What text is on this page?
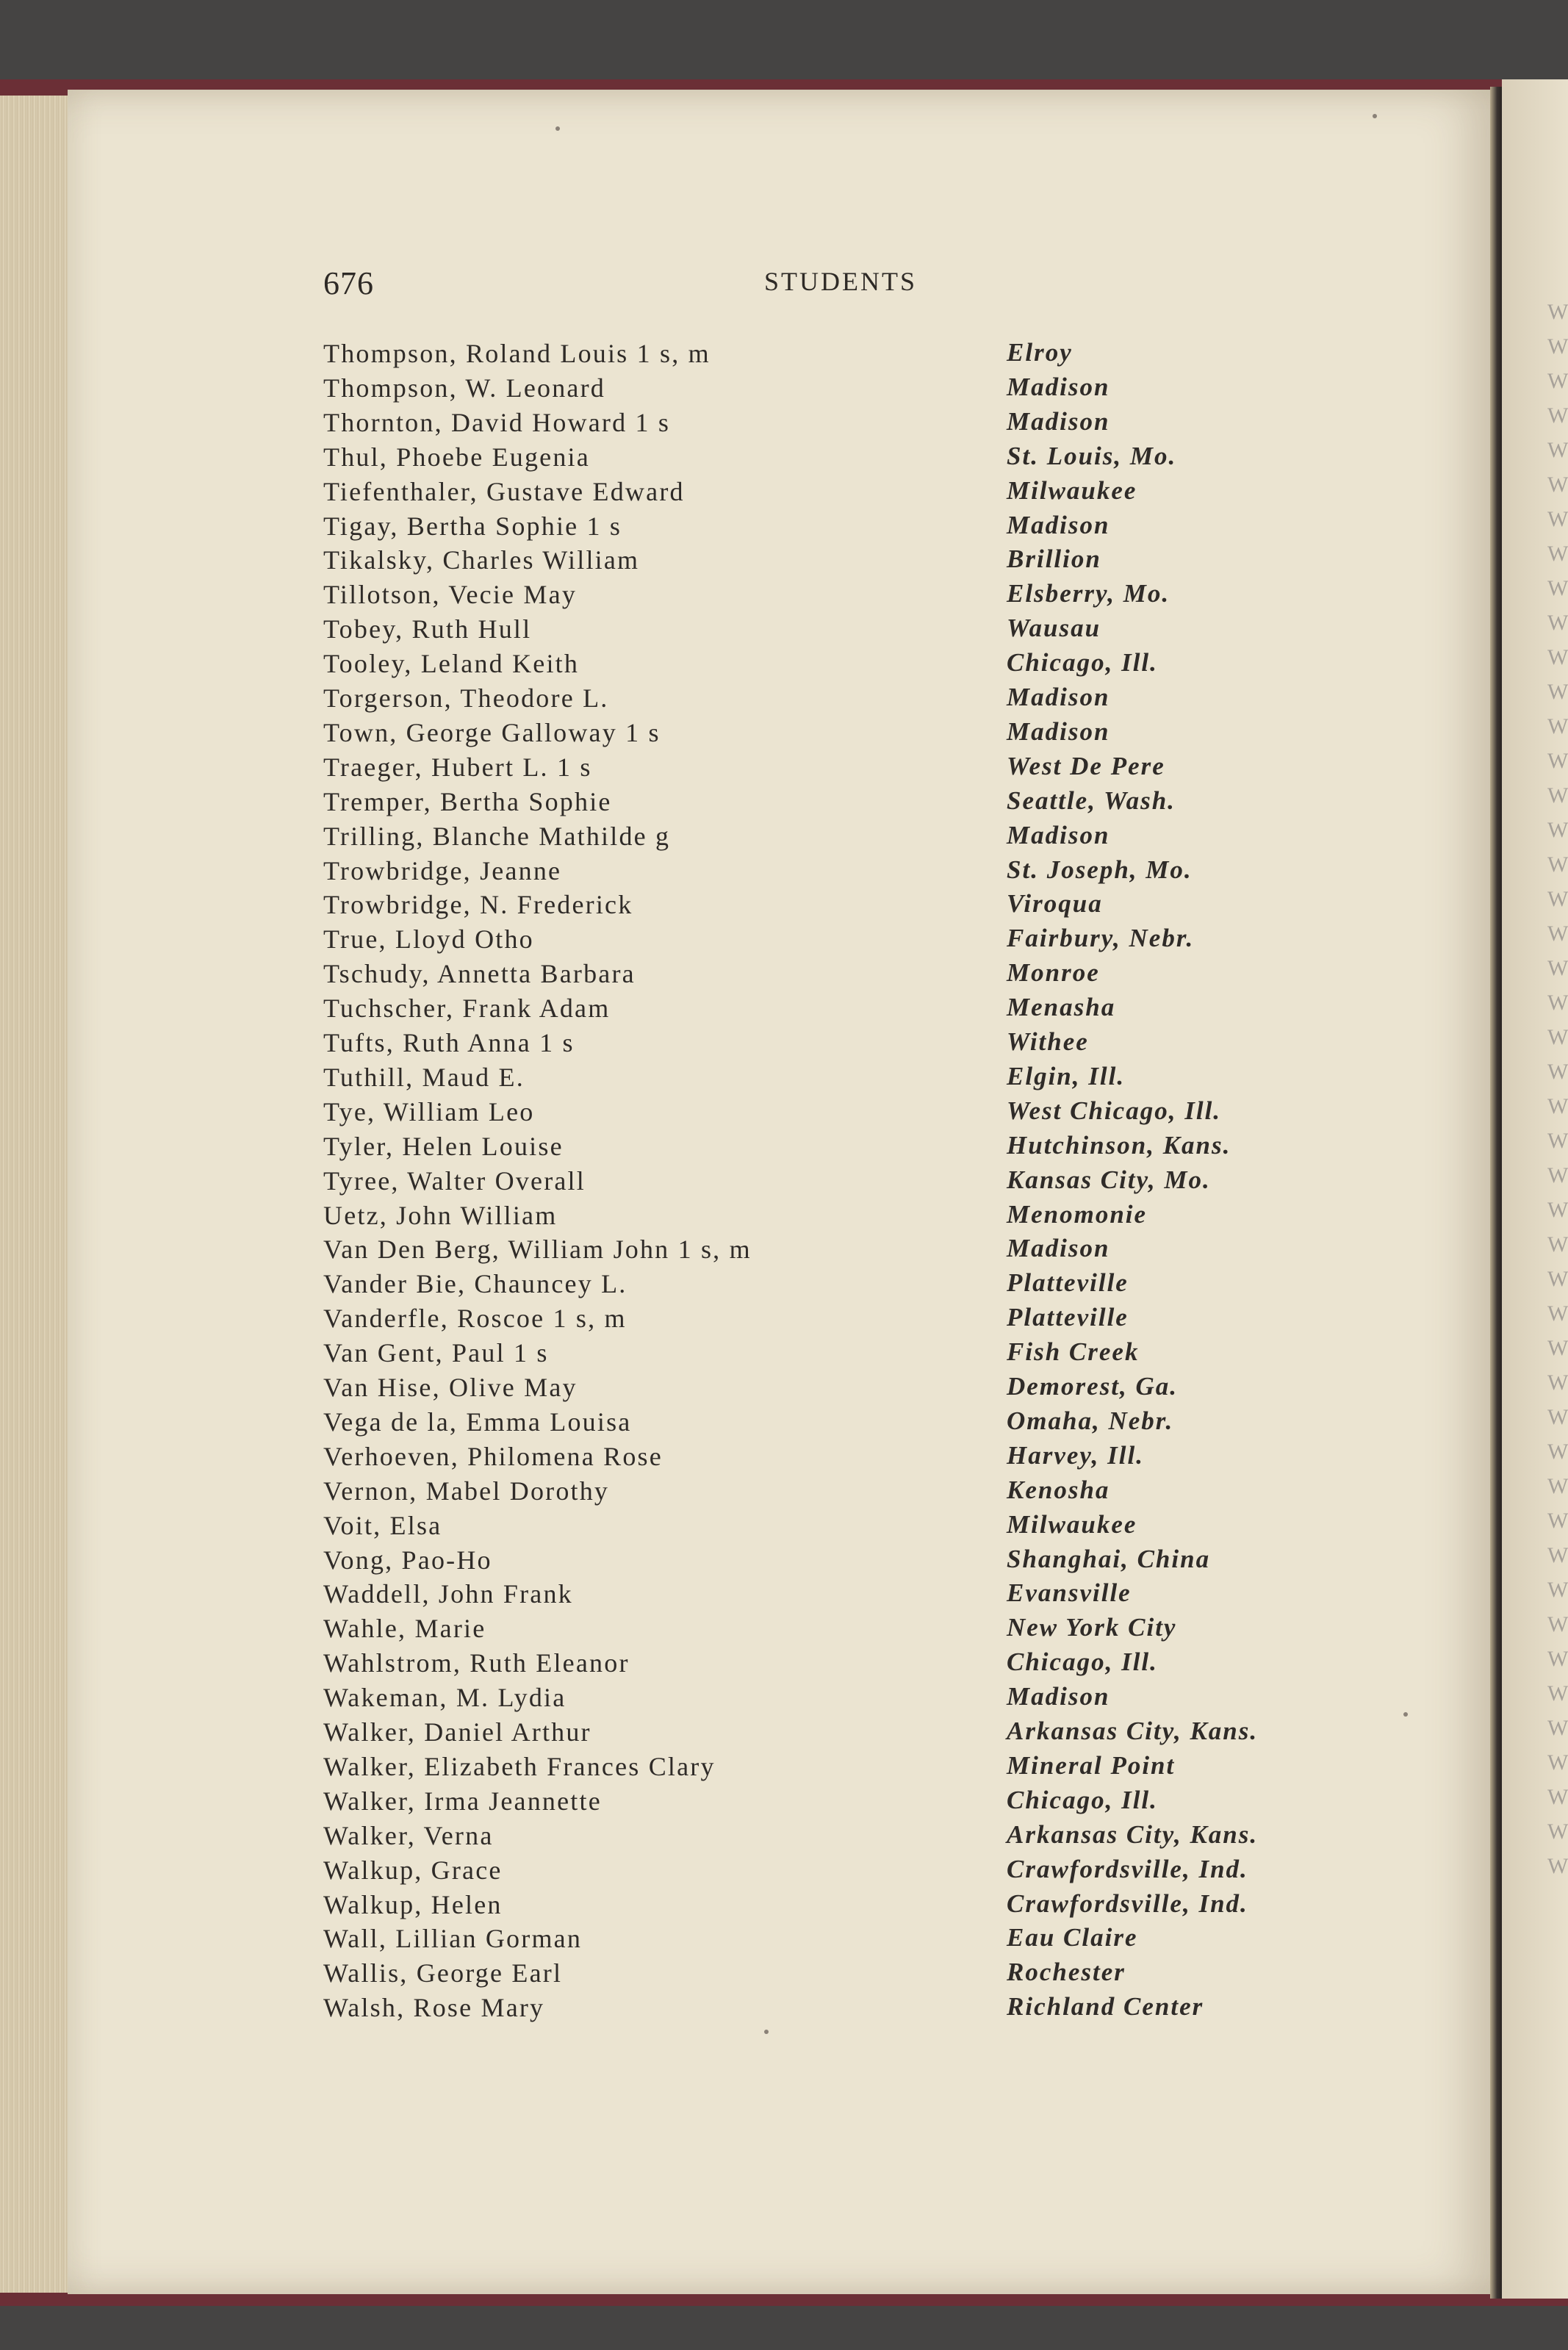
W
W
W
W
W
W
W
W
W
W
W
W
W
W
W
W
W
W
W
W
W
W
W
W
W
W
W
W
W
W
W
W
W
W
W
W
W
W
W
W
W
W
W
W
W
W
676	STUDENTS
Thompson, Roland Louis 1 s, m	Elroy
Thompson, W. Leonard	Madison
Thornton, David Howard 1 s	Madison
Thul, Phoebe Eugenia	St. Louis, Mo.
Tiefenthaler, Gustave Edward	Milwaukee
Tigay, Bertha Sophie 1 s	Madison
Tikalsky, Charles William	Brillion
Tillotson, Vecie May	Elsberry, Mo.
Tobey, Ruth Hull	Wausau
Tooley, Leland Keith	Chicago, Ill.
Torgerson, Theodore L.	Madison
Town, George Galloway 1 s	Madison
Traeger, Hubert L. 1 s	West De Pere
Tremper, Bertha Sophie	Seattle, Wash.
Trilling, Blanche Mathilde g	Madison
Trowbridge, Jeanne	St. Joseph, Mo.
Trowbridge, N. Frederick	Viroqua
True, Lloyd Otho	Fairbury, Nebr.
Tschudy, Annetta Barbara	Monroe
Tuchscher, Frank Adam	Menasha
Tufts, Ruth Anna 1 s	Withee
Tuthill, Maud E.	Elgin, Ill.
Tye, William Leo	West Chicago, Ill.
Tyler, Helen Louise	Hutchinson, Kans.
Tyree, Walter Overall	Kansas City, Mo.
Uetz, John William	Menomonie
Van Den Berg, William John 1 s, m	Madison
Vander Bie, Chauncey L.	Platteville
Vanderfle, Roscoe 1 s, m	Platteville
Van Gent, Paul 1 s	Fish Creek
Van Hise, Olive May	Demorest, Ga.
Vega de la, Emma Louisa	Omaha, Nebr.
Verhoeven, Philomena Rose	Harvey, Ill.
Vernon, Mabel Dorothy	Kenosha
Voit, Elsa	Milwaukee
Vong, Pao-Ho	Shanghai, China
Waddell, John Frank	Evansville
Wahle, Marie	New York City
Wahlstrom, Ruth Eleanor	Chicago, Ill.
Wakeman, M. Lydia	Madison
Walker, Daniel Arthur	Arkansas City, Kans.
Walker, Elizabeth Frances Clary	Mineral Point
Walker, Irma Jeannette	Chicago, Ill.
Walker, Verna	Arkansas City, Kans.
Walkup, Grace	Crawfordsville, Ind.
Walkup, Helen	Crawfordsville, Ind.
Wall, Lillian Gorman	Eau Claire
Wallis, George Earl	Rochester
Walsh, Rose Mary	Richland Center
